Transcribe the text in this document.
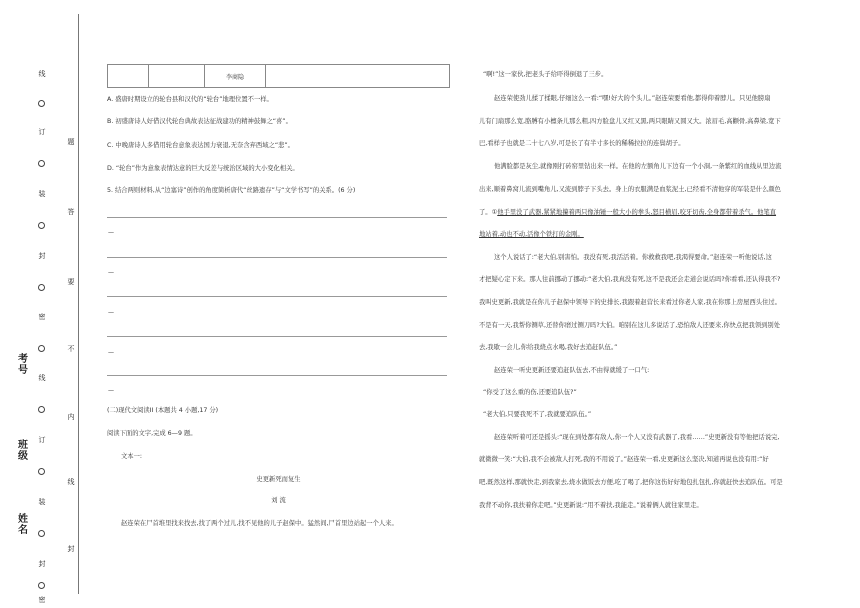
线
订
装
封
密
线
订
装
封
密
考号
班级
姓名
题
答
要
不
内
线
封
		李商隐	
A. 盛唐时期设立的轮台县和汉代的“轮台”地理位置不一样。
B. 初盛唐诗人好借汉代轮台典故表达征战建功的精神鼓舞之“喜”。
C. 中晚唐诗人多借用轮台意象表达国力衰退,无奈含弃西域之“悲”。
D. “轮台”作为意象表情达意的巨大反差与统治区域的大小变化相关。
5. 结合两则材料,从“边塞诗”创作的角度简析唐代“丝路遗存”与“文学书写”的关系。(6 分)
—
—
—
—
—
(二)现代文阅读II (本题共 4 小题,17 分)
阅读下面的文字,完成 6—9 题。
文本一:
史更新死而复生
刘 流
赵连荣在尸首堆里找来找去,找了两个过儿,找不见他的儿子赵保中。猛然间,尸首里边站起一个人来。
“啊!”这一家伙,把老头子给吓得倒退了三步。
赵连荣使劲儿揉了揉眼,仔细这么一看:“嘿!好大的个头儿。”赵连荣要看他,都得仰着脖儿。只见他膀扇
儿有门扇那么宽,胳膊有小檩条儿那么粗,四方脸盘儿又红又黑,两只眼睛又圆又大。浓眉毛,高颧骨,高鼻梁,宽下
巴,看样子也就是二十七八岁,可是长了有半寸多长的稀稀拉拉的连鬓胡子。
他满脸都是灰尘,就像刚打砖窑里钻出来一样。在他的左额角儿下边有一个小洞,一条紫红的血线从里边流
出来,顺着鼻窝儿流到嘴角儿,又流到脖子下头去。身上的衣服满是血浆泥土,已经看不清他穿的军装是什么颜色
了。①他手里没了武器,紧紧地攥着两只像油锤一般大小的拳头,怒目横眉,咬牙切齿,全身都带着杀气。他笔直
地站着,动也不动,活像个铁打的金刚。
这个人说话了:“老大伯,别害怕。我没有死,我活活着。你救救我吧,我渴得要命。”赵连荣一听他说话,这
才把疑心定下来。那人往前挪动了挪动:“老大伯,我真没有死,这不是我还会走道会说话吗?你看看,还认得我不?
我叫史更新,我就是在你儿子赵保中领导下的史排长,我跟着赵营长来看过你老人家,我在你那上房屋西头住过。
不是有一天,我帮你铡草,还替你磨过铡刀吗?大伯。咱别在这儿多说话了,恐怕敌人还要来,你快点把我领到别处
去,我歇一会儿,你给我烧点水喝,我好去追赶队伍。”
赵连荣一听史更新还要追赶队伍去,不由得就缓了一口气:
“你受了这么重的伤,还要追队伍?”
“老大伯,只要我死不了,我就要追队伍。”
赵连荣听着可还是摇头:“现在到处都有敌人,你一个人又没有武器了,我看……”史更新没有等他把话说完,
就微微一笑:“大伯,我不会被敌人打死,我的不用说了。”赵连荣一看,史更新这么坚决,知道再说也没有用:“好
吧,既然这样,那就快走,到我家去,烧水做饭去方便,吃了喝了,把你这伤好好地包扎包扎,你就赶快去追队伍。可是
我背不动你,我扶着你走吧。”史更新说:“用不着扶,我能走。”说着俩人就往家里走。
